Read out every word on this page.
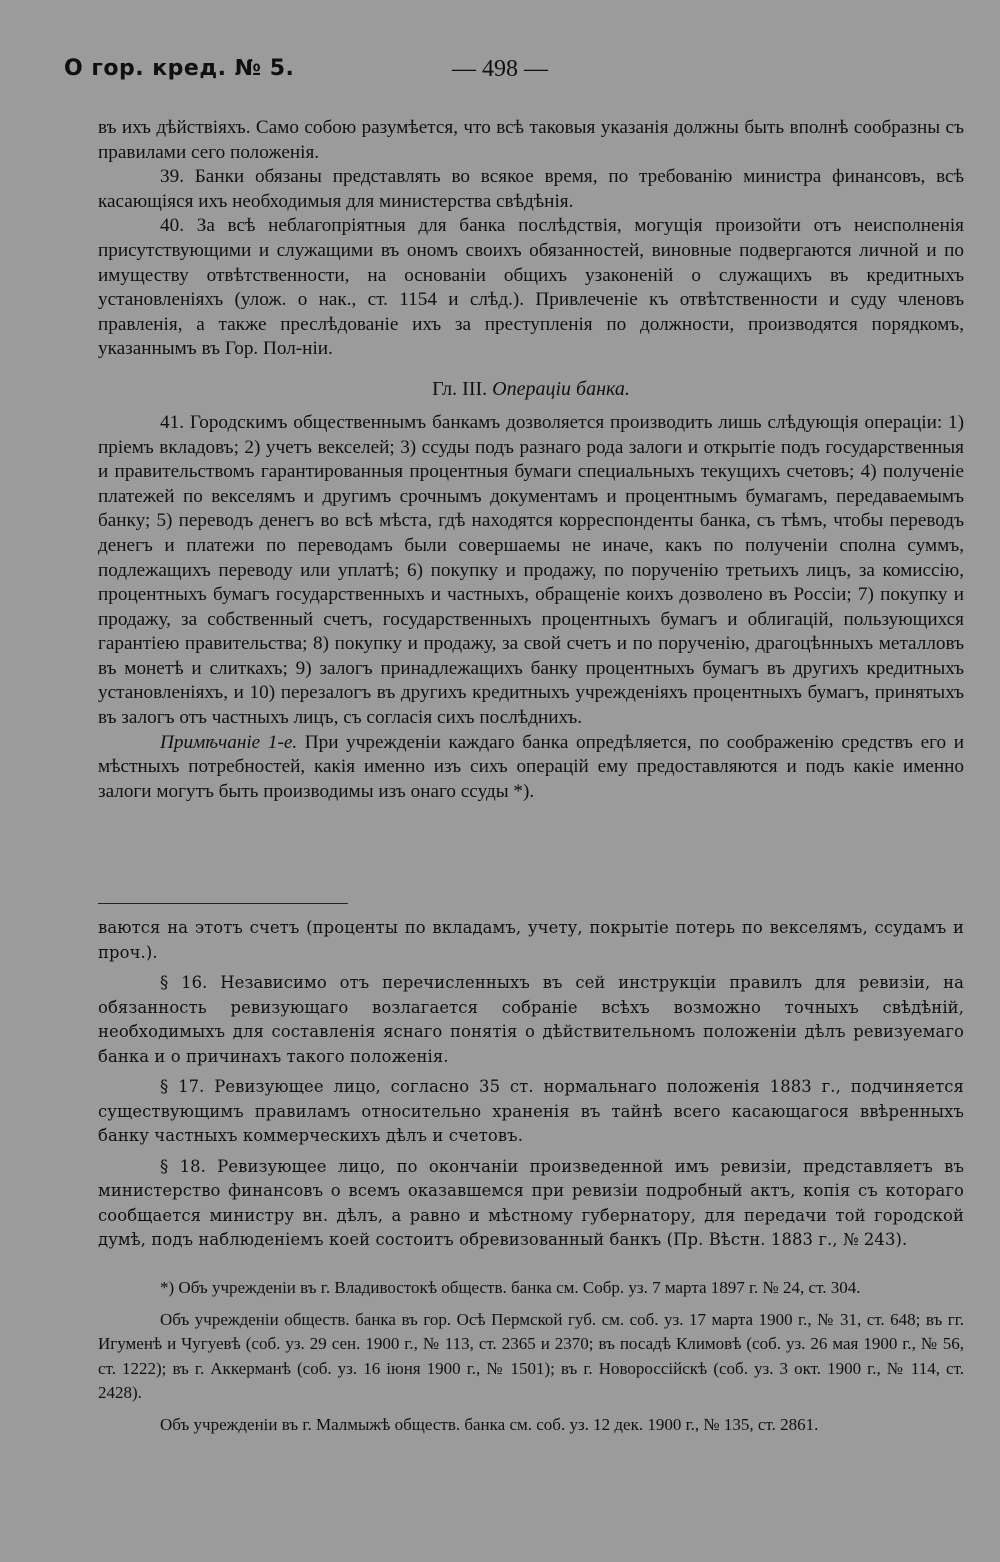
О гор. кред. № 5.	— 498 —

въ ихъ дѣйствіяхъ. Само собою разумѣется, что всѣ таковыя указанія должны быть вполнѣ сообразны съ правилами сего положенія.

39. Банки обязаны представлять во всякое время, по требованію министра финансовъ, всѣ касающіяся ихъ необходимыя для министерства свѣдѣнія.

40. За всѣ неблагопріятныя для банка послѣдствія, могущія произойти отъ неисполненія присутствующими и служащими въ ономъ своихъ обязанностей, виновные подвергаются личной и по имуществу отвѣтственности, на основаніи общихъ узаконеній о служащихъ въ кредитныхъ установленіяхъ (улож. о нак., ст. 1154 и слѣд.). Привлеченіе къ отвѣтственности и суду членовъ правленія, а также преслѣдованіе ихъ за преступленія по должности, производятся порядкомъ, указаннымъ въ Гор. Пол-ніи.

Гл. III. Операціи банка.

41. Городскимъ общественнымъ банкамъ дозволяется производить лишь слѣдующія операціи: 1) пріемъ вкладовъ; 2) учетъ векселей; 3) ссуды подъ разнаго рода залоги и открытіе подъ государственныя и правительствомъ гарантированныя процентныя бумаги специальныхъ текущихъ счетовъ; 4) полученіе платежей по векселямъ и другимъ срочнымъ документамъ и процентнымъ бумагамъ, передаваемымъ банку; 5) переводъ денегъ во всѣ мѣста, гдѣ находятся корреспонденты банка, съ тѣмъ, чтобы переводъ денегъ и платежи по переводамъ были совершаемы не иначе, какъ по полученіи сполна суммъ, подлежащихъ переводу или уплатѣ; 6) покупку и продажу, по порученію третьихъ лицъ, за комиссію, процентныхъ бумагъ государственныхъ и частныхъ, обращеніе коихъ дозволено въ Россіи; 7) покупку и продажу, за собственный счетъ, государственныхъ процентныхъ бумагъ и облигацій, пользующихся гарантіею правительства; 8) покупку и продажу, за свой счетъ и по порученію, драгоцѣнныхъ металловъ въ монетѣ и слиткахъ; 9) залогъ принадлежащихъ банку процентныхъ бумагъ въ другихъ кредитныхъ установленіяхъ, и 10) перезалогъ въ другихъ кредитныхъ учрежденіяхъ процентныхъ бумагъ, принятыхъ въ залогъ отъ частныхъ лицъ, съ согласія сихъ послѣднихъ.

Примѣчаніе 1-е. При учрежденіи каждаго банка опредѣляется, по соображенію средствъ его и мѣстныхъ потребностей, какія именно изъ сихъ операцій ему предоставляются и подъ какіе именно залоги могутъ быть производимы изъ онаго ссуды *).

ваются на этотъ счетъ (проценты по вкладамъ, учету, покрытіе потерь по векселямъ, ссудамъ и проч.).

§ 16. Независимо отъ перечисленныхъ въ сей инструкціи правилъ для ревизіи, на обязанность ревизующаго возлагается собраніе всѣхъ возможно точныхъ свѣдѣній, необходимыхъ для составленія яснаго понятія о дѣйствительномъ положеніи дѣлъ ревизуемаго банка и о причинахъ такого положенія.

§ 17. Ревизующее лицо, согласно 35 ст. нормальнаго положенія 1883 г., подчиняется существующимъ правиламъ относительно храненія въ тайнѣ всего касающагося ввѣренныхъ банку частныхъ коммерческихъ дѣлъ и счетовъ.

§ 18. Ревизующее лицо, по окончаніи произведенной имъ ревизіи, представляетъ въ министерство финансовъ о всемъ оказавшемся при ревизіи подробный актъ, копія съ котораго сообщается министру вн. дѣлъ, а равно и мѣстному губернатору, для передачи той городской думѣ, подъ наблюденіемъ коей состоитъ обревизованный банкъ (Пр. Вѣстн. 1883 г., № 243).

*) Объ учрежденіи въ г. Владивостокѣ обществ. банка см. Собр. уз. 7 марта 1897 г. № 24, ст. 304.

Объ учрежденіи обществ. банка въ гор. Осѣ Пермской губ. см. соб. уз. 17 марта 1900 г., № 31, ст. 648; въ гг. Игуменѣ и Чугуевѣ (соб. уз. 29 сен. 1900 г., № 113, ст. 2365 и 2370; въ посадѣ Климовѣ (соб. уз. 26 мая 1900 г., № 56, ст. 1222); въ г. Аккерманѣ (соб. уз. 16 іюня 1900 г., № 1501); въ г. Новороссійскѣ (соб. уз. 3 окт. 1900 г., № 114, ст. 2428).

Объ учрежденіи въ г. Малмыжѣ обществ. банка см. соб. уз. 12 дек. 1900 г., № 135, ст. 2861.
